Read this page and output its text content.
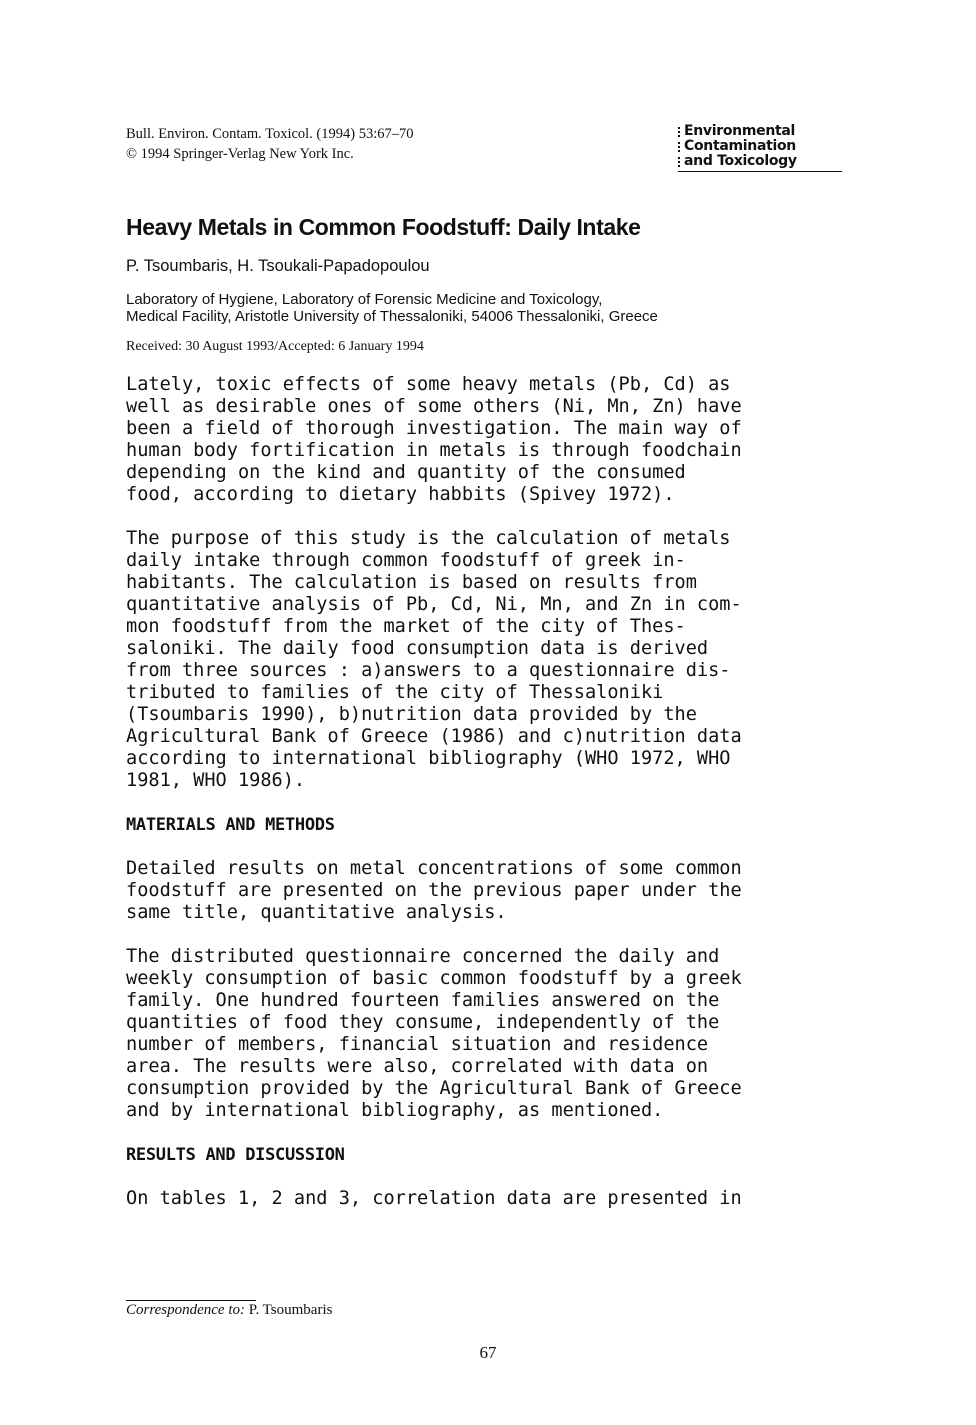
Bull. Environ. Contam. Toxicol. (1994) 53:67–70
© 1994 Springer-Verlag New York Inc.
Environmental
Contamination
and Toxicology
Heavy Metals in Common Foodstuff: Daily Intake
P. Tsoumbaris, H. Tsoukali-Papadopoulou
Laboratory of Hygiene, Laboratory of Forensic Medicine and Toxicology,
Medical Facility, Aristotle University of Thessaloniki, 54006 Thessaloniki, Greece
Received: 30 August 1993/Accepted: 6 January 1994

Lately, toxic effects of some heavy metals (Pb, Cd) as
well as desirable ones of some others (Ni, Mn, Zn) have
been a field of thorough investigation. The main way of
human body fortification in metals is through foodchain
depending on the kind and quantity of the consumed
food, according to dietary habbits (Spivey 1972).

The purpose of this study is the calculation of metals
daily intake through common foodstuff of greek in-
habitants. The calculation is based on results from
quantitative analysis of Pb, Cd, Ni, Mn, and Zn in com-
mon foodstuff from the market of the city of Thes-
saloniki. The daily food consumption data is derived
from three sources : a)answers to a questionnaire dis-
tributed to families of the city of Thessaloniki
(Tsoumbaris 1990), b)nutrition data provided by the
Agricultural Bank of Greece (1986) and c)nutrition data
according to international bibliography (WHO 1972, WHO
1981, WHO 1986).

MATERIALS AND METHODS

Detailed results on metal concentrations of some common
foodstuff are presented on the previous paper under the
same title, quantitative analysis.

The distributed questionnaire concerned the daily and
weekly consumption of basic common foodstuff by a greek
family. One hundred fourteen families answered on the
quantities of food they consume, independently of the
number of members, financial situation and residence
area. The results were also, correlated with data on
consumption provided by the Agricultural Bank of Greece
and by international bibliography, as mentioned.

RESULTS AND DISCUSSION

On tables 1, 2 and 3, correlation data are presented in

Correspondence to: P. Tsoumbaris
67
